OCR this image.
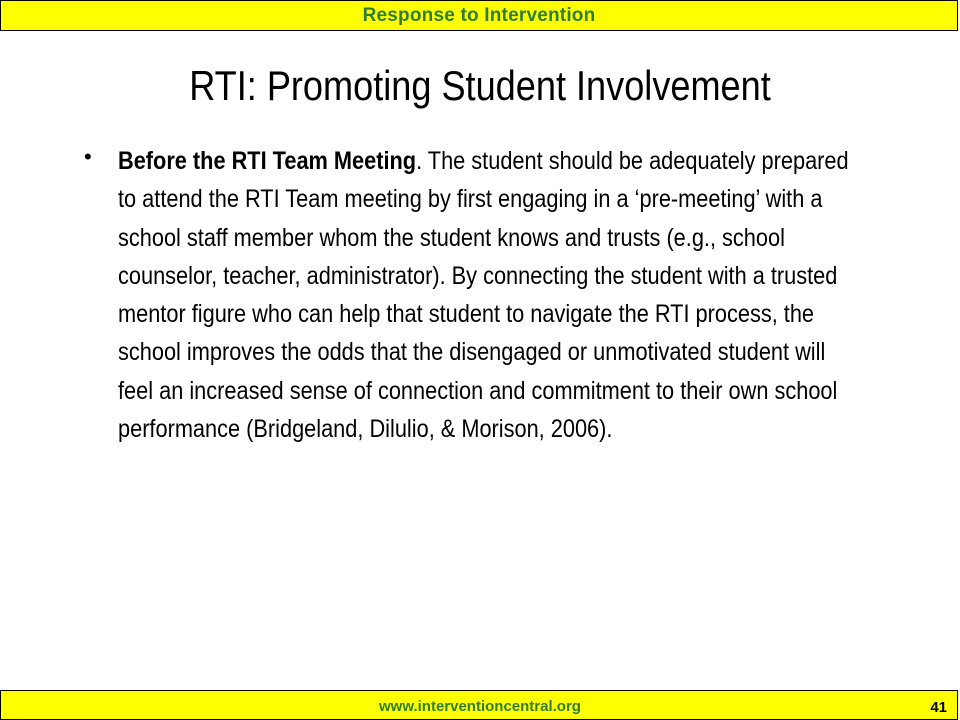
Response to Intervention
RTI: Promoting Student Involvement
• Before the RTI Team Meeting. The student should be adequately prepared to attend the RTI Team meeting by first engaging in a ‘pre-meeting’ with a school staff member whom the student knows and trusts (e.g., school counselor, teacher, administrator). By connecting the student with a trusted mentor figure who can help that student to navigate the RTI process, the school improves the odds that the disengaged or unmotivated student will feel an increased sense of connection and commitment to their own school performance (Bridgeland, Dilulio, & Morison, 2006).
www.interventioncentral.org	41
